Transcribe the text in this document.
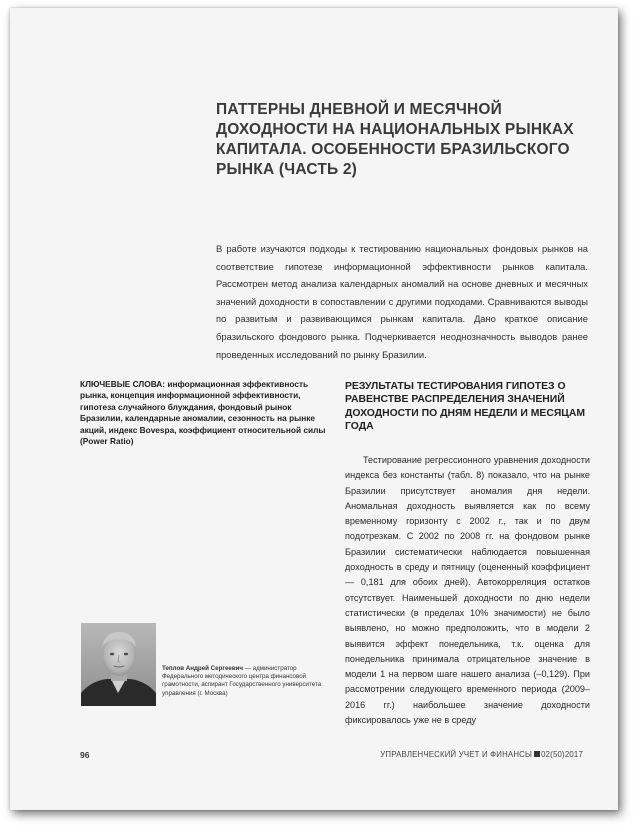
ПАТТЕРНЫ ДНЕВНОЙ И МЕСЯЧНОЙ ДОХОДНОСТИ НА НАЦИОНАЛЬНЫХ РЫНКАХ КАПИТАЛА. ОСОБЕННОСТИ БРАЗИЛЬСКОГО РЫНКА (ЧАСТЬ 2)

В работе изучаются подходы к тестированию национальных фондовых рынков на соответствие гипотезе информационной эффективности рынков капитала. Рассмотрен метод анализа календарных аномалий на основе дневных и месячных значений доходности в сопоставлении с другими подходами. Сравниваются выводы по развитым и развивающимся рынкам капитала. Дано краткое описание бразильского фондового рынка. Подчеркивается неоднозначность выводов ранее проведенных исследований по рынку Бразилии.

КЛЮЧЕВЫЕ СЛОВА: информационная эффективность рынка, концепция информационной эффективности, гипотеза случайного блуждания, фондовый рынок Бразилии, календарные аномалии, сезонность на рынке акций, индекс Bovespa, коэффициент относительной силы (Power Ratio)

РЕЗУЛЬТАТЫ ТЕСТИРОВАНИЯ ГИПОТЕЗ О РАВЕНСТВЕ РАСПРЕДЕЛЕНИЯ ЗНАЧЕНИЙ ДОХОДНОСТИ ПО ДНЯМ НЕДЕЛИ И МЕСЯЦАМ ГОДА

Тестирование регрессионного уравнения доходности индекса без константы (табл. 8) показало, что на рынке Бразилии присутствует аномалия дня недели. Аномальная доходность выявляется как по всему временному горизонту с 2002 г., так и по двум подотрезкам. С 2002 по 2008 гг. на фондовом рынке Бразилии систематически наблюдается повышенная доходность в среду и пятницу (оцененный коэффициент — 0,181 для обоих дней). Автокорреляция остатков отсутствует. Наименьшей доходности по дню недели статистически (в пределах 10% значимости) не было выявлено, но можно предположить, что в модели 2 выявится эффект понедельника, т.к. оценка для понедельника принимала отрицательное значение в модели 1 на первом шаге нашего анализа (–0,129). При рассмотрении следующего временного периода (2009–2016 гг.) наибольшее значение доходности фиксировалось уже не в среду

Теплов Андрей Сергеевич — администратор Федерального методического центра финансовой грамотности, аспирант Государственного университета управления (г. Москва)

96	УПРАВЛЕНЧЕСКИЙ УЧЕТ И ФИНАНСЫ 02(50)2017
